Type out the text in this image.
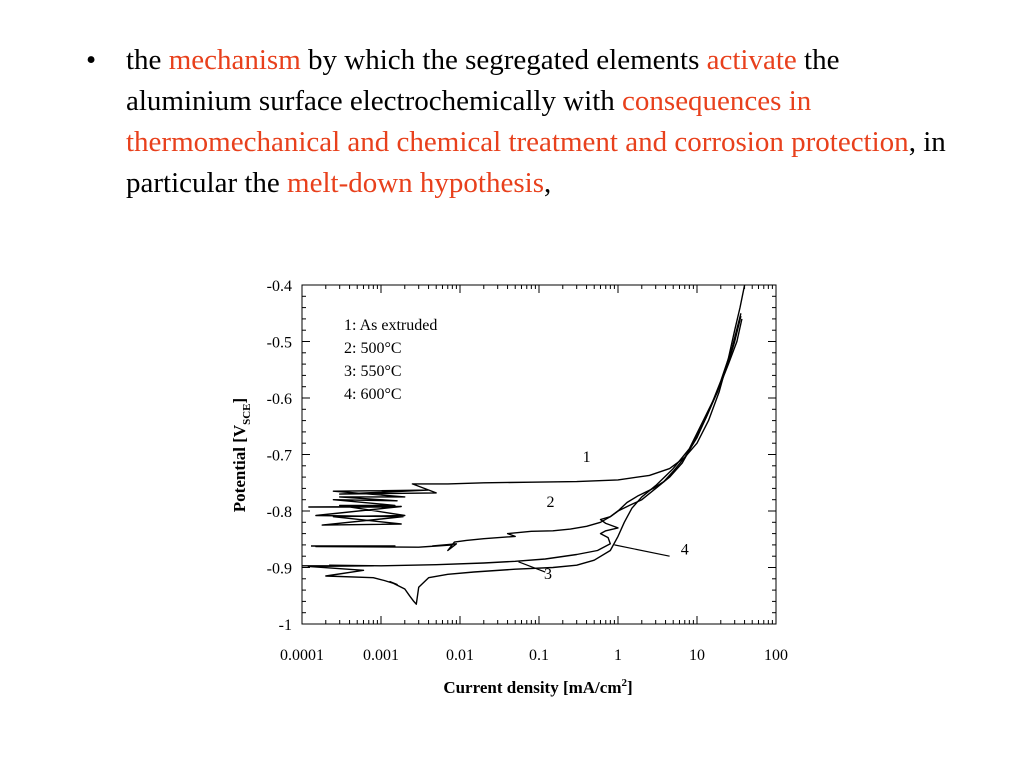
• the mechanism by which the segregated elements activate the aluminium surface electrochemically with consequences in thermomechanical and chemical treatment and corrosion protection, in particular the melt-down hypothesis,
0.0001 0.001	0.01	0.1	1	10	100
-0.4
-0.5
-0.6
-0.7
-0.8
-0.9
-1
1
2
3
4
1: As extruded
2: 500°C
3: 550°C
4: 600°C
Current density $[mA/cm^2]$
Potential $[V_{SCE}]$
